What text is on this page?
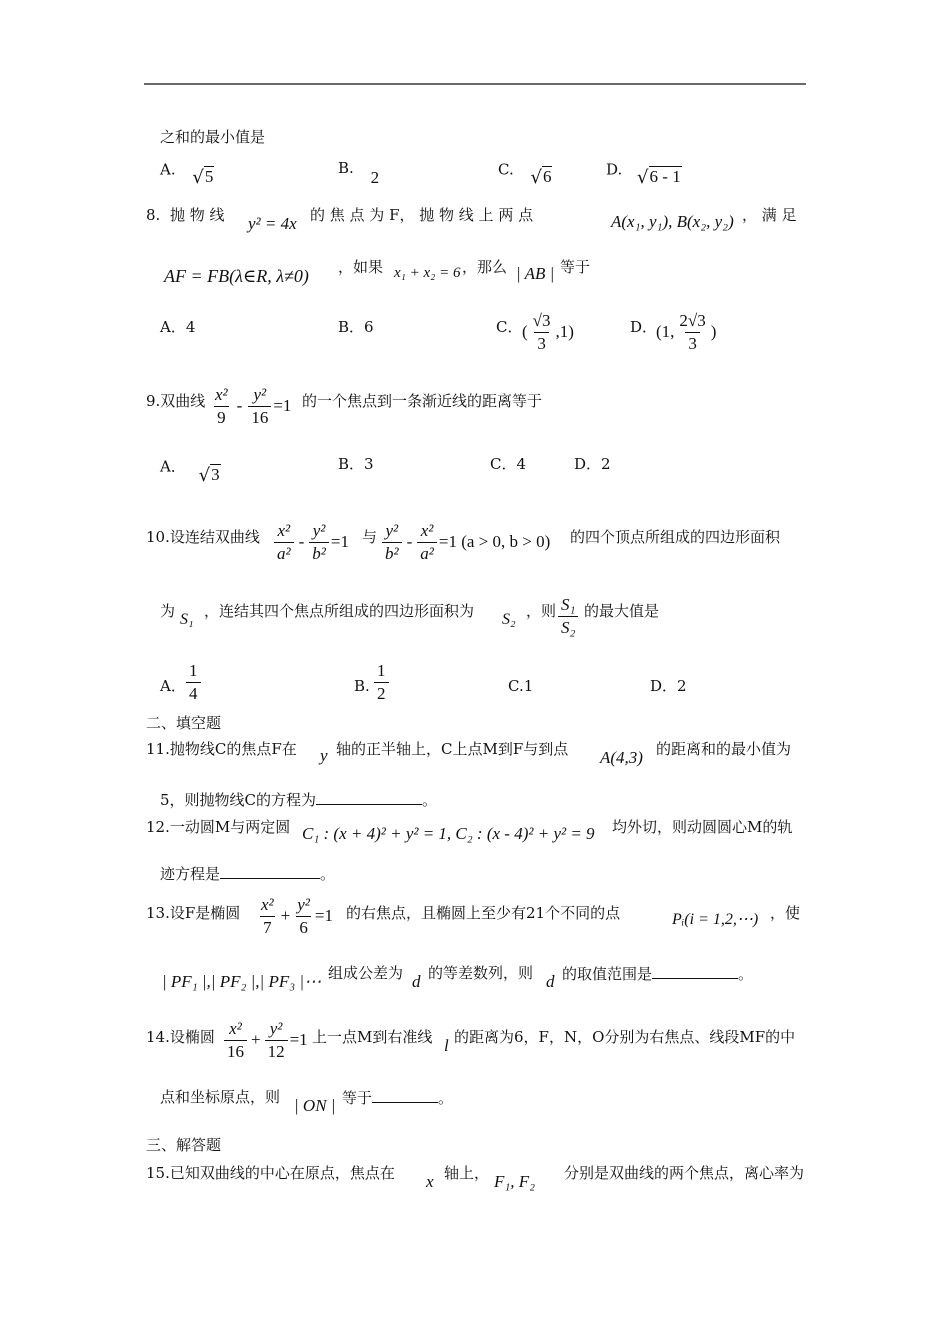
之和的最小值是
A. √ 5	B. 2	C. √ 6	D. √ 6 - 1
8. 抛 物 线 y² = 4x 的 焦 点 为 F， 抛 物 线 上 两 点	A(x₁, y₁), B(x₂, y₂) ， 满 足
AF = FB(λ∈R, λ≠0) ，如果 x₁ + x₂ = 6 ，那么 | AB | 等于
A．4	B．6	C． ( $\frac{√3}{3} ,1$)	D．
(1, $\frac{2√3}{3}$ )
9.双曲线 $\frac{\text{x²}}{9} - \frac{\text{y²}}{16} =1$ 的一个焦点到一条渐近线的距离等于
A． √ 3
B．3	C．4	D．2
10.设连结双曲线 $\frac{\text{x²}}{\text{a²}} - \frac{\text{y²}}{\text{b²}} =1$ 与 $\frac{\text{y²}}{\text{b²}} - \frac{\text{x²}}{\text{a²}} =1$ (a > 0, b > 0) 的四个顶点所组成的四边形面积
为 S₁ ，连结其四个焦点所组成的四边形面积为 S₂ ，则 $\frac{\text{S₁}}{\text{S₂}}$ 的最大值是
A． $\frac{1}{4}$	B. $\frac{1}{2}$	C.1	D．2
二、填空题
11.抛物线C的焦点F在 y 轴的正半轴上，C上点M到F与到点 A(4,3) 的距离和的最小值为
5，则抛物线C的方程为	。
12.一动圆M与两定圆 C₁ : (x + 4)² + y² = 1, C₂ : (x - 4)² + y² = 9 均外切，则动圆圆心M的轨
迹方程是	。
13.设F是椭圆 $\frac{\text{x²}}{7} + \frac{\text{y²}}{6} =1$ 的右焦点，且椭圆上至少有21个不同的点	Pᵢ(i = 1,2,⋯) ，使
| PF₁ |,| PF₂ |,| PF₃ |⋯ 组成公差为 d 的等差数列，则 d 的取值范围是	。
14.设椭圆 $\frac{\text{x²}}{16} + \frac{\text{y²}}{12} =1$ 上一点M到右准线 l 的距离为6，F，N，O分别为右焦点、线段MF的中
点和坐标原点，则 | ON | 等于	。
三、解答题
15.已知双曲线的中心在原点，焦点在 x 轴上， F₁, F₂ 分别是双曲线的两个焦点，离心率为
